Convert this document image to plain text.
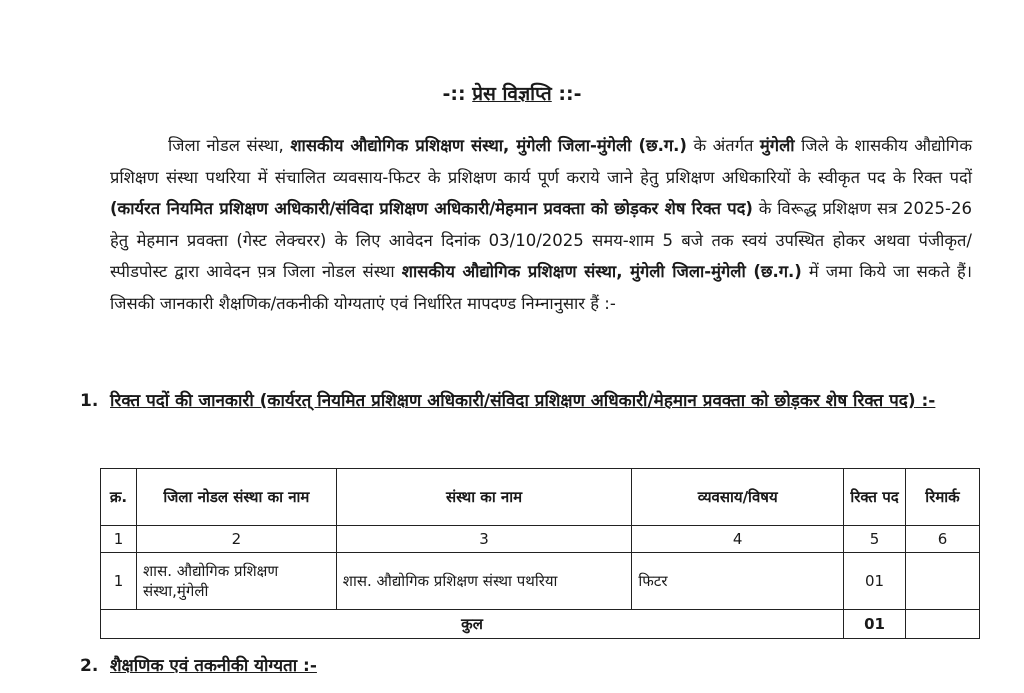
-:: प्रेस विज्ञप्ति ::-

जिला नोडल संस्था, शासकीय औद्योगिक प्रशिक्षण संस्था, मुंगेली जिला-मुंगेली (छ.ग.) के अंतर्गत मुंगेली जिले के शासकीय औद्योगिक प्रशिक्षण संस्था पथरिया में संचालित व्यवसाय-फिटर के प्रशिक्षण कार्य पूर्ण कराये जाने हेतु प्रशिक्षण अधिकारियों के स्वीकृत पद के रिक्त पदों (कार्यरत नियमित प्रशिक्षण अधिकारी/संविदा प्रशिक्षण अधिकारी/मेहमान प्रवक्ता को छोड़कर शेष रिक्त पद) के विरूद्ध प्रशिक्षण सत्र 2025-26 हेतु मेहमान प्रवक्ता (गेस्ट लेक्चरर) के लिए आवेदन दिनांक 03/10/2025 समय-शाम 5 बजे तक स्वयं उपस्थित होकर अथवा पंजीकृत/स्पीडपोस्ट द्वारा आवेदन प़त्र जिला नोडल संस्था शासकीय औद्योगिक प्रशिक्षण संस्था, मुंगेली जिला-मुंगेली (छ.ग.) में जमा किये जा सकते हैं। जिसकी जानकारी शैक्षणिक/तकनीकी योग्यताएं एवं निर्धारित मापदण्ड निम्नानुसार हैं :-

1. रिक्त पदों की जानकारी (कार्यरत् नियमित प्रशिक्षण अधिकारी/संविदा प्रशिक्षण अधिकारी/मेहमान प्रवक्ता को छोड़कर शेष रिक्त पद) :-
क्र.	जिला नोडल संस्था का नाम	संस्था का नाम	व्यवसाय/विषय	रिक्त पद	रिमार्क
1	2	3	4	5	6
1	शास. औद्योगिक प्रशिक्षण संस्था,मुंगेली	शास. औद्योगिक प्रशिक्षण संस्था पथरिया	फिटर	01	
कुल				01	
2. शैक्षणिक एवं तकनीकी योग्यता :-
